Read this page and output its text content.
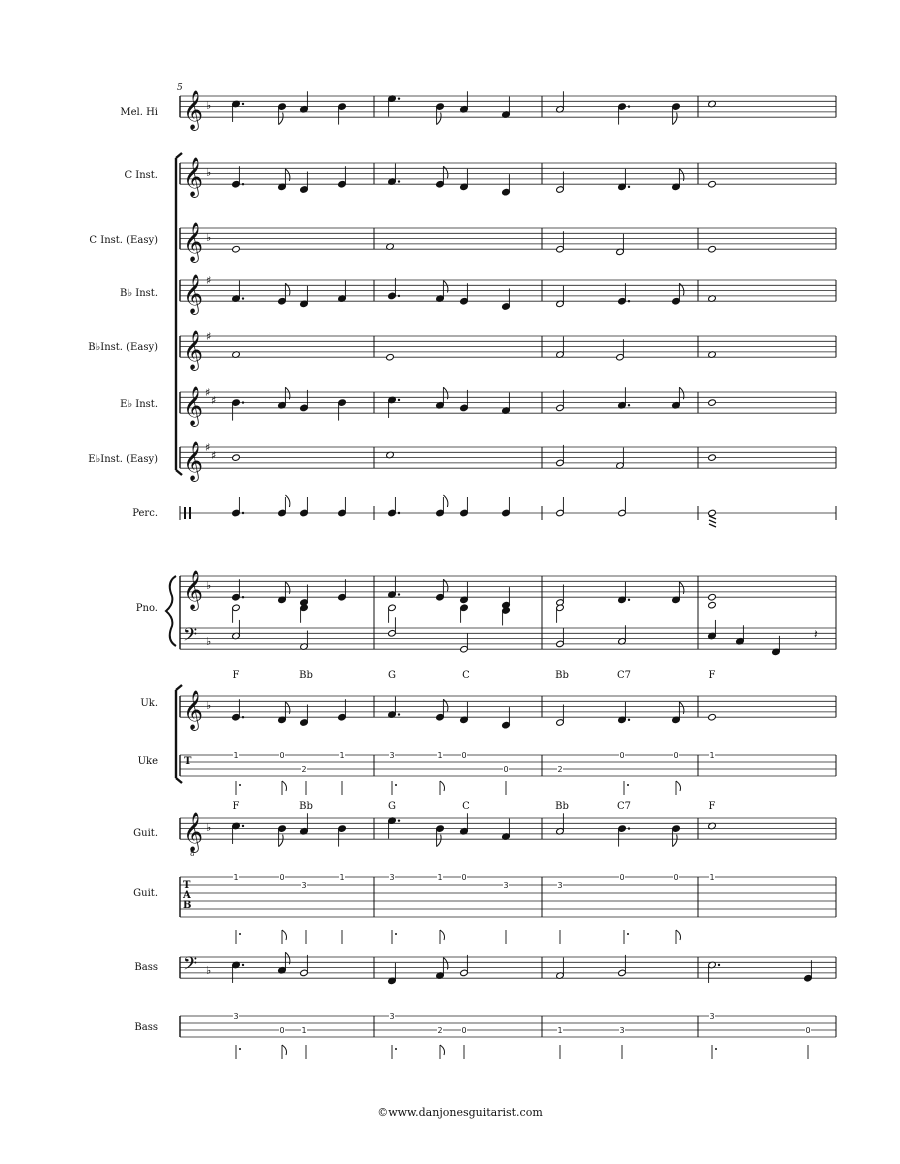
Mel. Hi
C Inst.
C Inst. (Easy)
B♭ Inst.
B♭Inst. (Easy)
E♭ Inst.
E♭Inst. (Easy)
Perc.
Pno.
Uk.
Uke
Guit.
Guit.
Bass
Bass
𝄞 ♭
𝄞 ♭
𝄞 ♭
𝄞 ♯
𝄞 ♯
𝄞 ♯
♯
𝄞 ♯
♯
𝄞 ♭
𝄞
8
♭
𝄞 ♭
𝄢 ♭
T
T
A
B
𝄢 ♭
𝄽
F	Bb	G	C	Bb	C7	F
F	Bb	G	C	Bb	C7	F
1	0
2
1	3	1 0
0	2
0	0	1
1	0
3
1	3	1 0
3	3
0	0	1
3
0 1
3
2 0	1	3
3
0
5
©www.danjonesguitarist.com
